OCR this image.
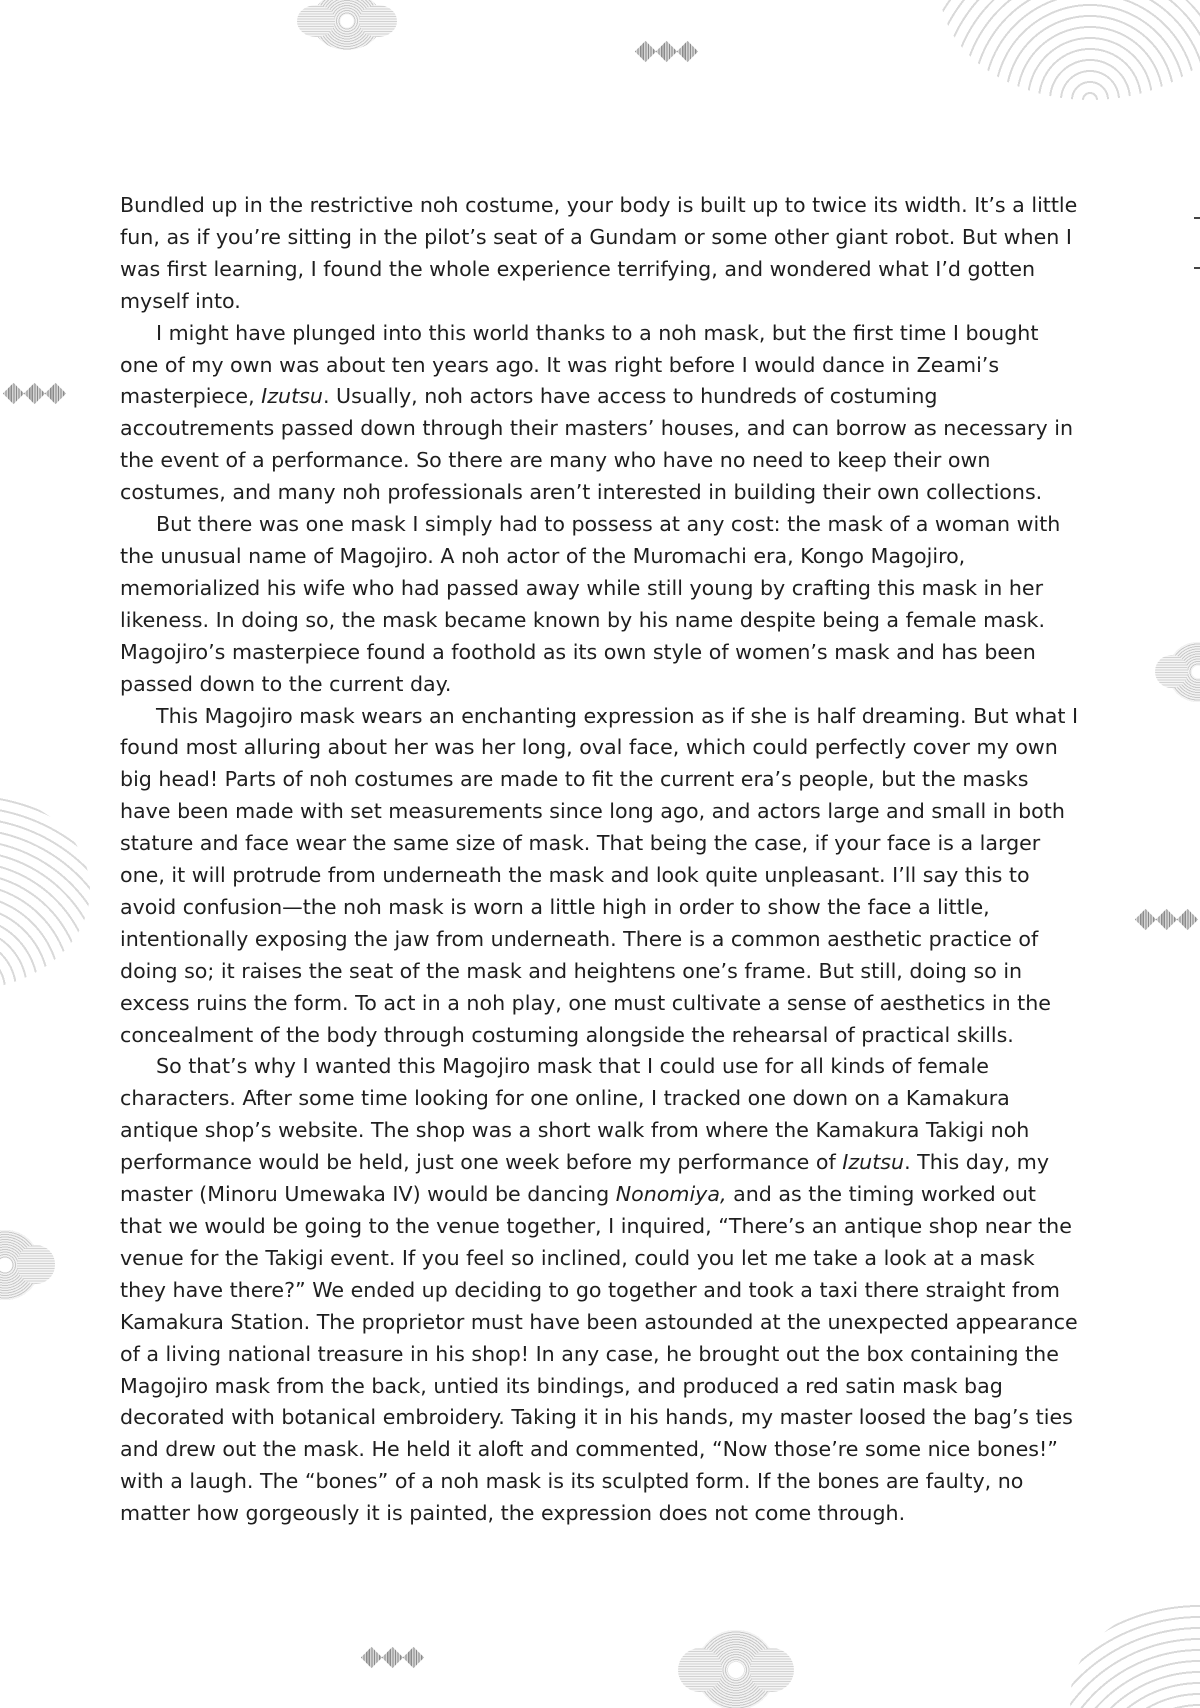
Bundled up in the restrictive noh costume, your body is built up to twice its width. It’s a little fun, as if you’re sitting in the pilot’s seat of a Gundam or some other giant robot. But when I was first learning, I found the whole experience terrifying, and wondered what I’d gotten myself into.

I might have plunged into this world thanks to a noh mask, but the first time I bought one of my own was about ten years ago. It was right before I would dance in Zeami’s masterpiece, Izutsu. Usually, noh actors have access to hundreds of costuming accoutrements passed down through their masters’ houses, and can borrow as necessary in the event of a performance. So there are many who have no need to keep their own costumes, and many noh professionals aren’t interested in building their own collections.

But there was one mask I simply had to possess at any cost: the mask of a woman with the unusual name of Magojiro. A noh actor of the Muromachi era, Kongo Magojiro, memorialized his wife who had passed away while still young by crafting this mask in her likeness. In doing so, the mask became known by his name despite being a female mask. Magojiro’s masterpiece found a foothold as its own style of women’s mask and has been passed down to the current day.

This Magojiro mask wears an enchanting expression as if she is half dreaming. But what I found most alluring about her was her long, oval face, which could perfectly cover my own big head! Parts of noh costumes are made to fit the current era’s people, but the masks have been made with set measurements since long ago, and actors large and small in both stature and face wear the same size of mask. That being the case, if your face is a larger one, it will protrude from underneath the mask and look quite unpleasant. I’ll say this to avoid confusion—the noh mask is worn a little high in order to show the face a little, intentionally exposing the jaw from underneath. There is a common aesthetic practice of doing so; it raises the seat of the mask and heightens one’s frame. But still, doing so in excess ruins the form. To act in a noh play, one must cultivate a sense of aesthetics in the concealment of the body through costuming alongside the rehearsal of practical skills.

So that’s why I wanted this Magojiro mask that I could use for all kinds of female characters. After some time looking for one online, I tracked one down on a Kamakura antique shop’s website. The shop was a short walk from where the Kamakura Takigi noh performance would be held, just one week before my performance of Izutsu. This day, my master (Minoru Umewaka IV) would be dancing Nonomiya, and as the timing worked out that we would be going to the venue together, I inquired, “There’s an antique shop near the venue for the Takigi event. If you feel so inclined, could you let me take a look at a mask they have there?” We ended up deciding to go together and took a taxi there straight from Kamakura Station. The proprietor must have been astounded at the unexpected appearance of a living national treasure in his shop! In any case, he brought out the box containing the Magojiro mask from the back, untied its bindings, and produced a red satin mask bag decorated with botanical embroidery. Taking it in his hands, my master loosed the bag’s ties and drew out the mask. He held it aloft and commented, “Now those’re some nice bones!” with a laugh. The “bones” of a noh mask is its sculpted form. If the bones are faulty, no matter how gorgeously it is painted, the expression does not come through.
